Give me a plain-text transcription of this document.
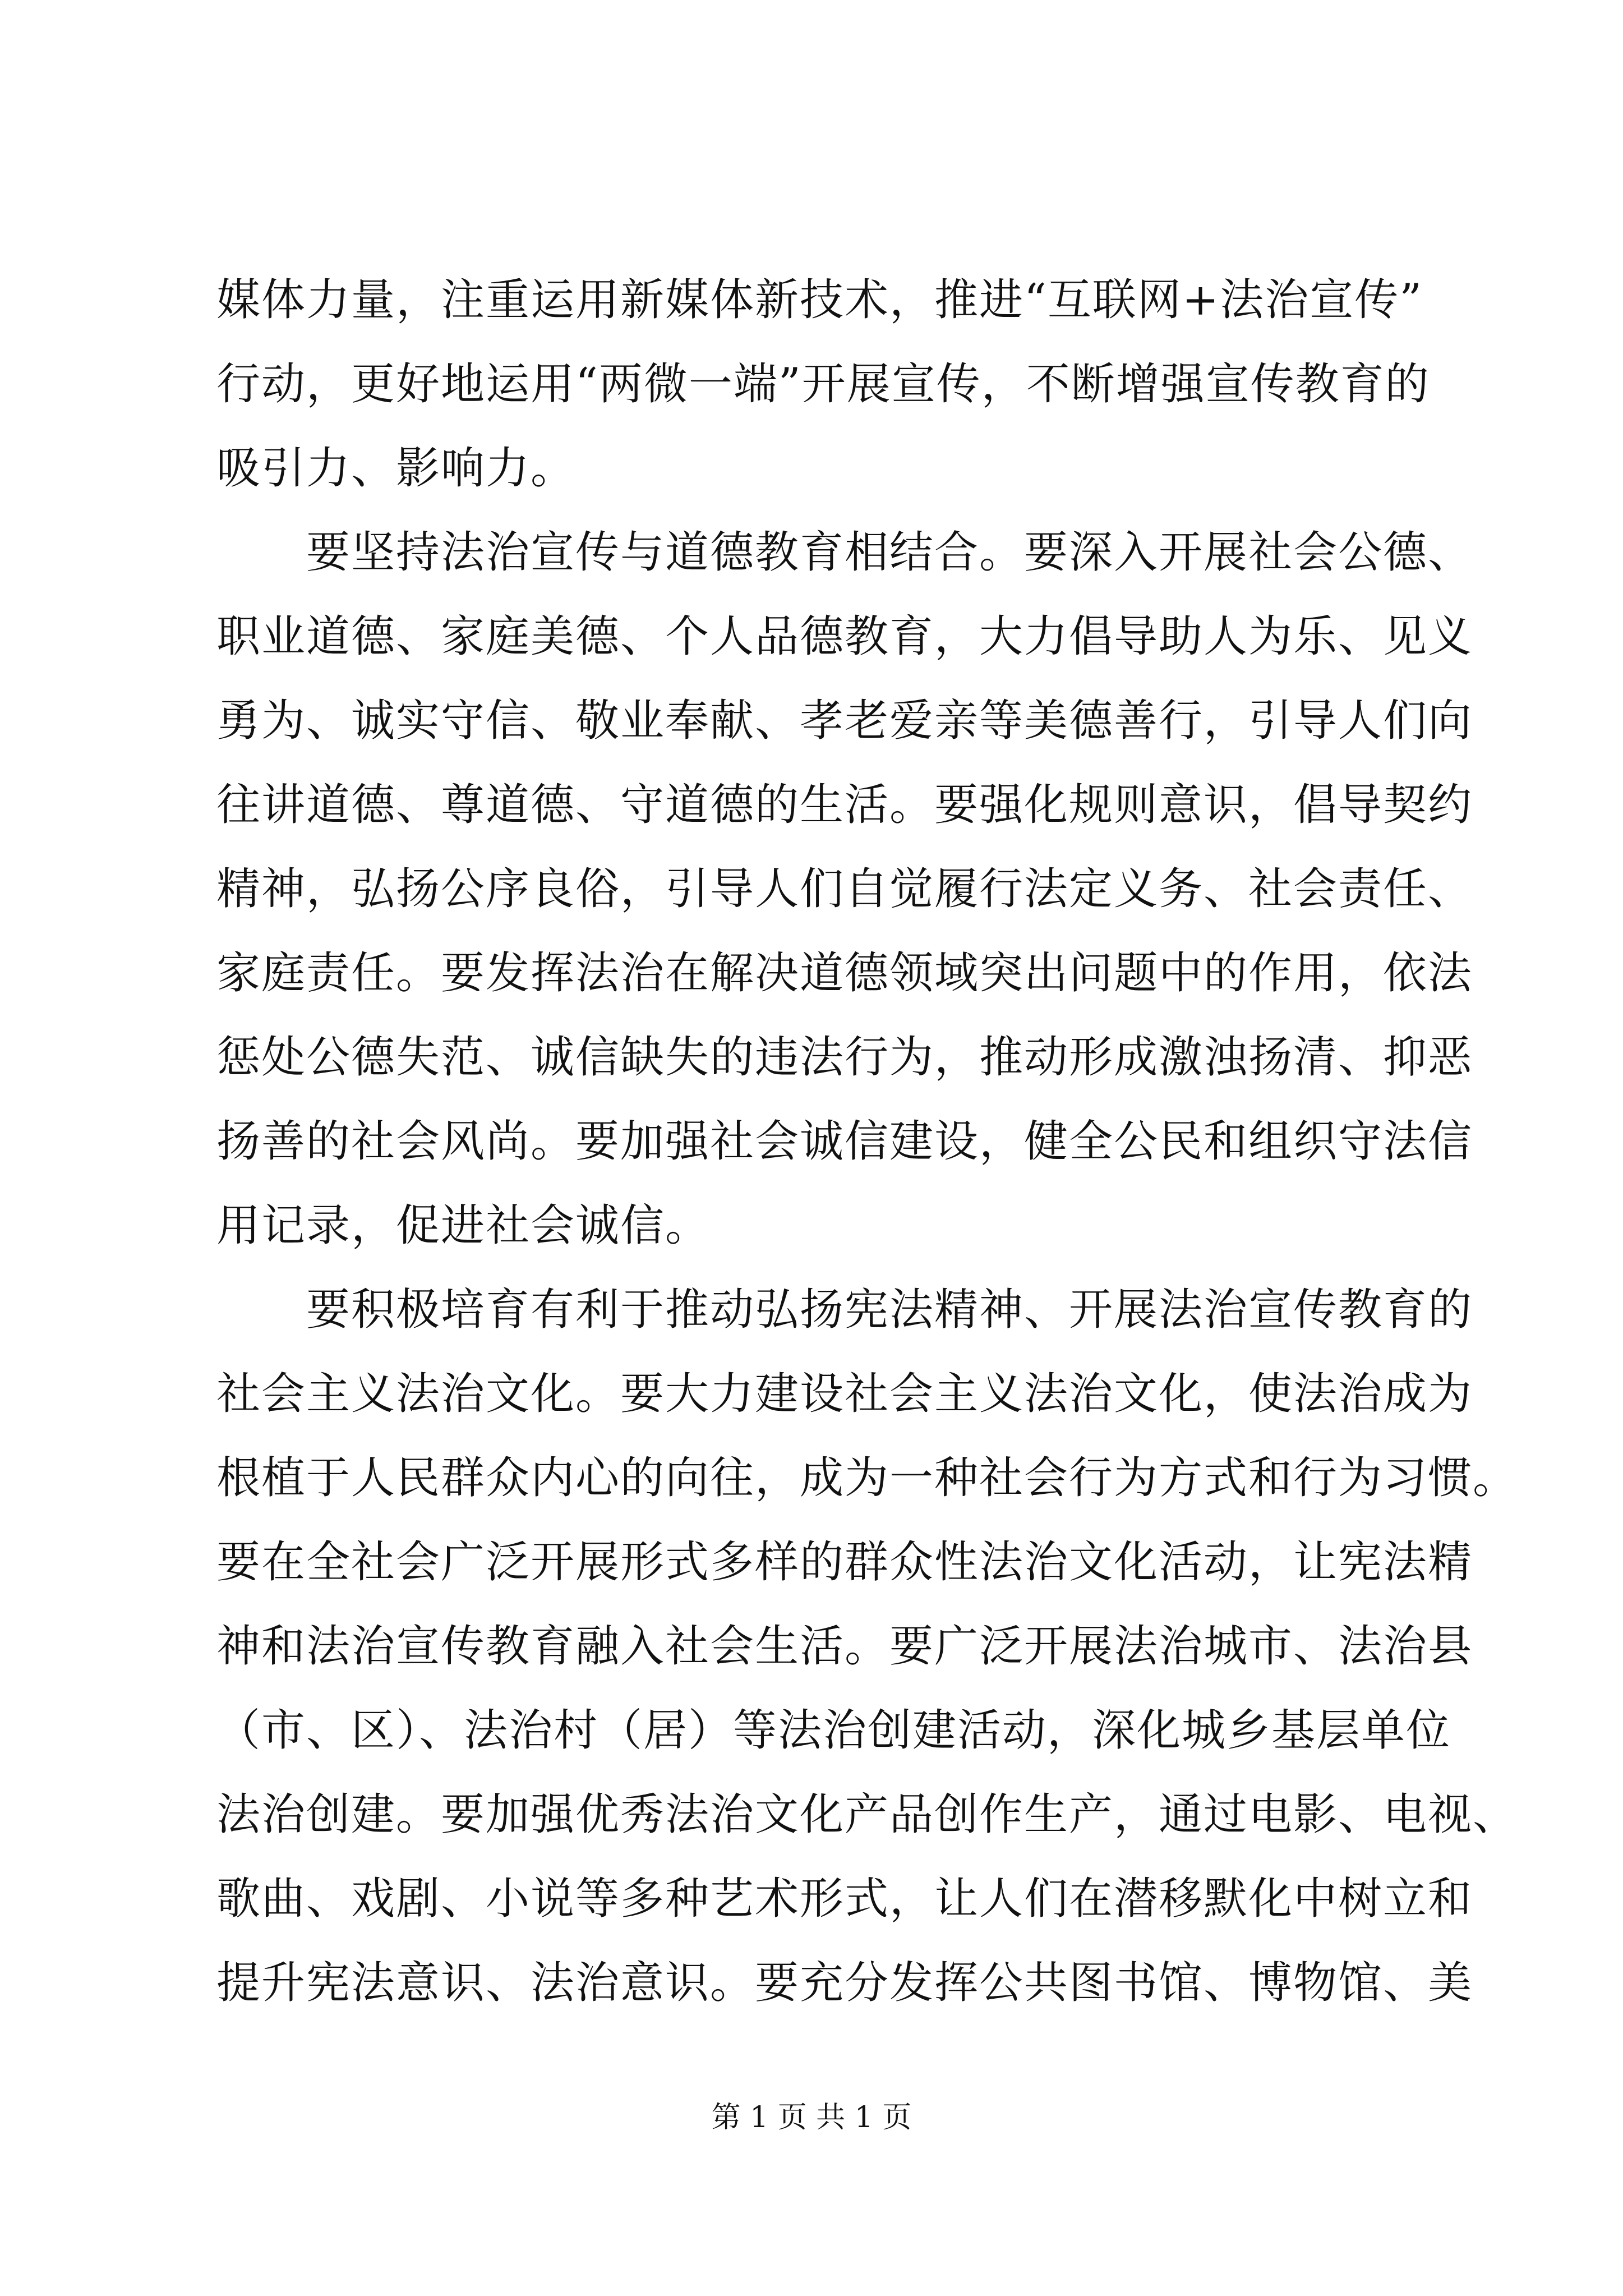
媒体力量，注重运用新媒体新技术，推进“互联网+法治宣传”
行动，更好地运用“两微一端”开展宣传，不断增强宣传教育的
吸引力、影响力。
要坚持法治宣传与道德教育相结合。要深入开展社会公德、
职业道德、家庭美德、个人品德教育，大力倡导助人为乐、见义
勇为、诚实守信、敬业奉献、孝老爱亲等美德善行，引导人们向
往讲道德、尊道德、守道德的生活。要强化规则意识，倡导契约
精神，弘扬公序良俗，引导人们自觉履行法定义务、社会责任、
家庭责任。要发挥法治在解决道德领域突出问题中的作用，依法
惩处公德失范、诚信缺失的违法行为，推动形成激浊扬清、抑恶
扬善的社会风尚。要加强社会诚信建设，健全公民和组织守法信
用记录，促进社会诚信。
要积极培育有利于推动弘扬宪法精神、开展法治宣传教育的
社会主义法治文化。要大力建设社会主义法治文化，使法治成为
根植于人民群众内心的向往，成为一种社会行为方式和行为习惯。
要在全社会广泛开展形式多样的群众性法治文化活动，让宪法精
神和法治宣传教育融入社会生活。要广泛开展法治城市、法治县
（市、区）、法治村（居）等法治创建活动，深化城乡基层单位
法治创建。要加强优秀法治文化产品创作生产，通过电影、电视、
歌曲、戏剧、小说等多种艺术形式，让人们在潜移默化中树立和
提升宪法意识、法治意识。要充分发挥公共图书馆、博物馆、美
第 1 页 共 1 页
